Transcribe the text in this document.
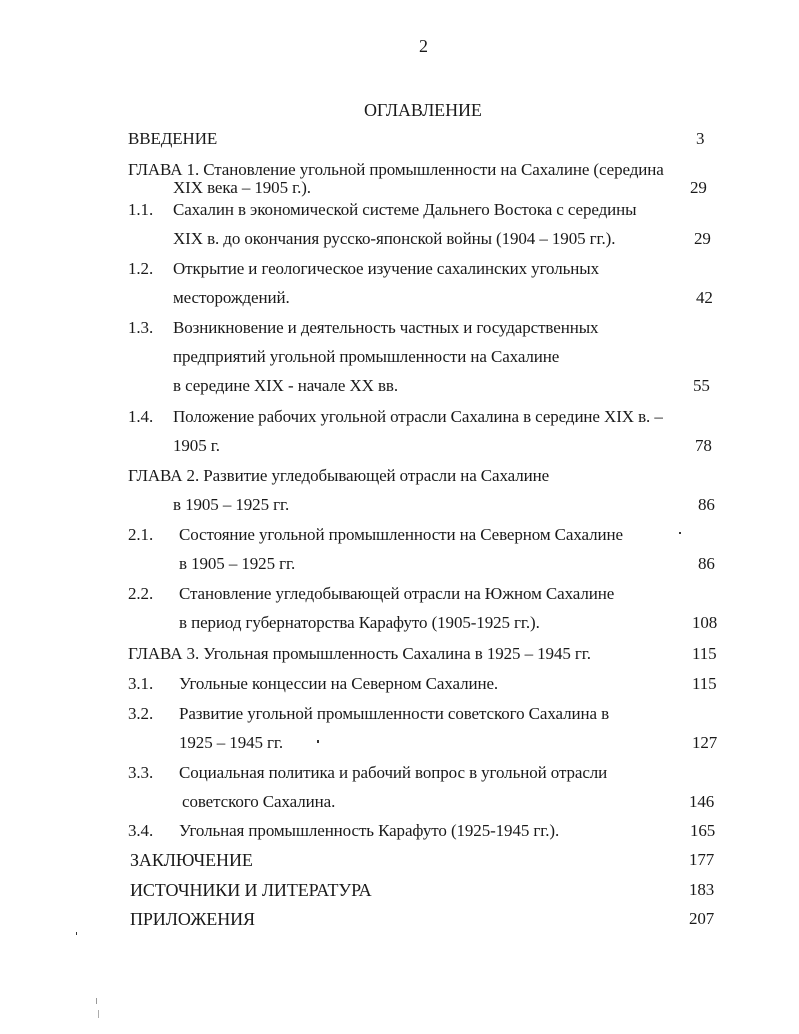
2
ОГЛАВЛЕНИЕ
ВВЕДЕНИЕ	3
ГЛАВА 1. Становление угольной промышленности на Сахалине (середина
XIX века – 1905 г.).	29
1.1. Сахалин в экономической системе Дальнего Востока с середины
XIX в. до окончания русско-японской войны (1904 – 1905 гг.).	29
1.2. Открытие и геологическое изучение сахалинских угольных
месторождений.	42
1.3. Возникновение и деятельность частных и государственных
предприятий угольной промышленности на Сахалине
в середине XIX - начале XX вв.	55
1.4. Положение рабочих угольной отрасли Сахалина в середине XIX в. –
1905 г.	78
ГЛАВА 2. Развитие угледобывающей отрасли на Сахалине
в 1905 – 1925 гг.	86
2.1. Состояние угольной промышленности на Северном Сахалине
в 1905 – 1925 гг.	86
2.2. Становление угледобывающей отрасли на Южном Сахалине
в период губернаторства Карафуто (1905-1925 гг.).	108
ГЛАВА 3. Угольная промышленность Сахалина в 1925 – 1945 гг.	115
3.1. Угольные концессии на Северном Сахалине.	115
3.2. Развитие угольной промышленности советского Сахалина в
1925 – 1945 гг.	127
3.3. Социальная политика и рабочий вопрос в угольной отрасли
советского Сахалина.	146
3.4. Угольная промышленность Карафуто (1925-1945 гг.).	165
ЗАКЛЮЧЕНИЕ	177
ИСТОЧНИКИ И ЛИТЕРАТУРА	183
ПРИЛОЖЕНИЯ	207
